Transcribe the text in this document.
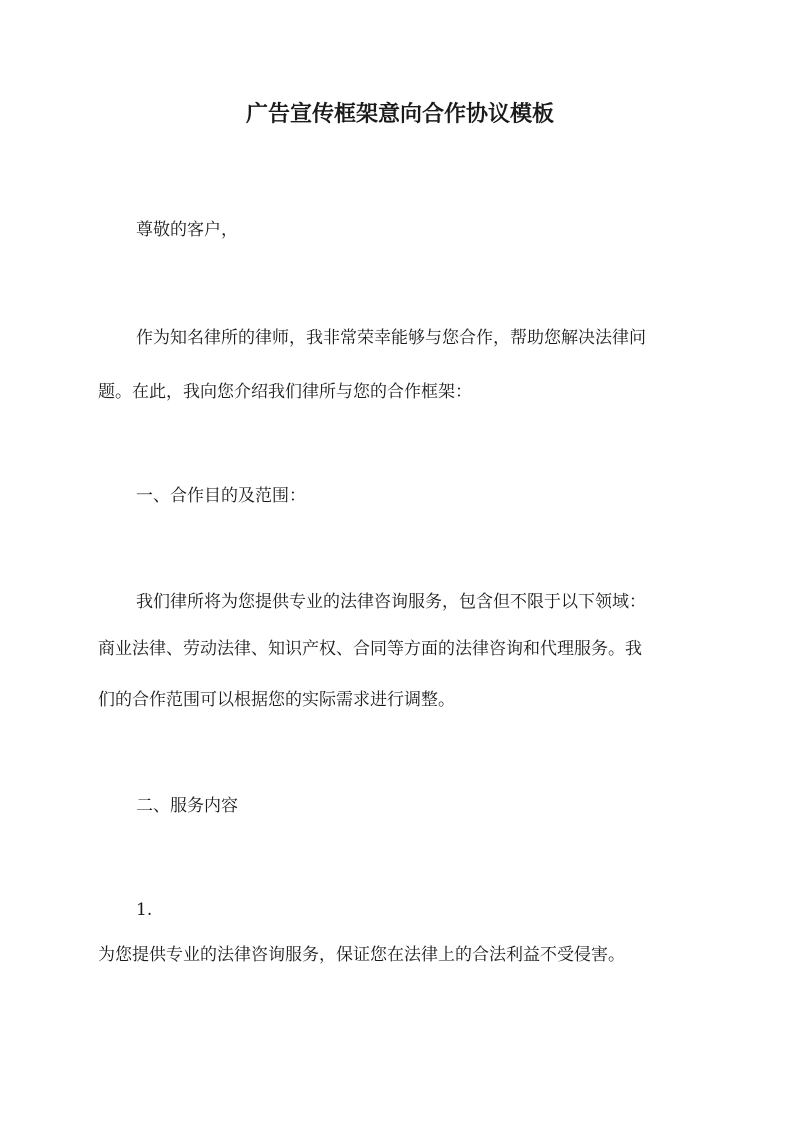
广告宣传框架意向合作协议模板

尊敬的客户，

作为知名律所的律师，我非常荣幸能够与您合作，帮助您解决法律问

题。在此，我向您介绍我们律所与您的合作框架：

一、合作目的及范围：

我们律所将为您提供专业的法律咨询服务，包含但不限于以下领域：

商业法律、劳动法律、知识产权、合同等方面的法律咨询和代理服务。我

们的合作范围可以根据您的实际需求进行调整。

二、服务内容

1.

为您提供专业的法律咨询服务，保证您在法律上的合法利益不受侵害。
